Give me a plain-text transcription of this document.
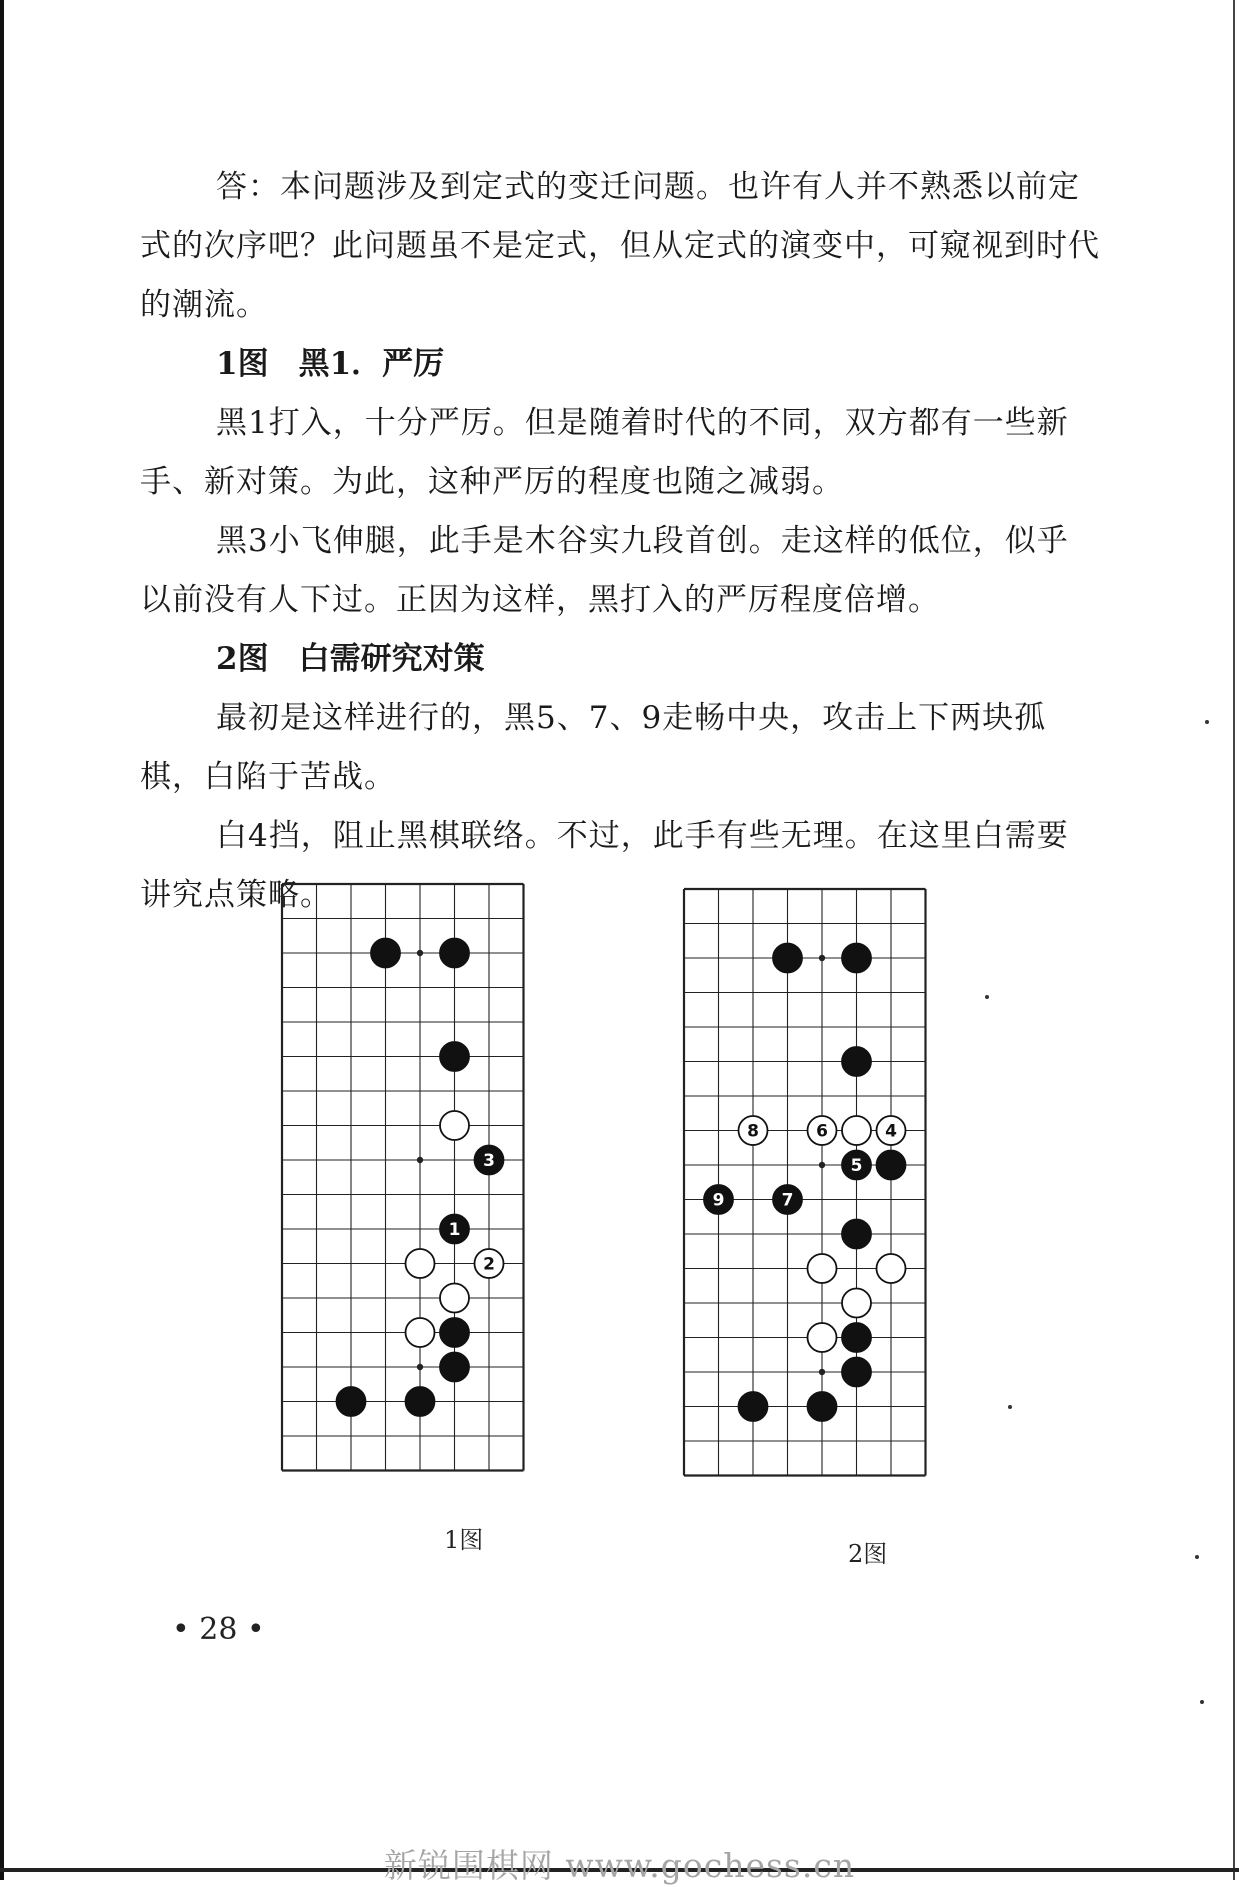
答：本问题涉及到定式的变迁问题。也许有人并不熟悉以前定式的次序吧？此问题虽不是定式，但从定式的演变中，可窥视到时代的潮流。

1图 黑1．严厉

黑1打入，十分严厉。但是随着时代的不同，双方都有一些新手、新对策。为此，这种严厉的程度也随之减弱。

黑3小飞伸腿，此手是木谷实九段首创。走这样的低位，似乎以前没有人下过。正因为这样，黑打入的严厉程度倍增。

2图 白需研究对策

最初是这样进行的，黑5、7、9走畅中央，攻击上下两块孤棋，白陷于苦战。

白4挡，阻止黑棋联络。不过，此手有些无理。在这里白需要讲究点策略。

3
1
2
1图
8	6	4
5
9	7
2图
• 28 •
新锐围棋网 www.gochess.cn
